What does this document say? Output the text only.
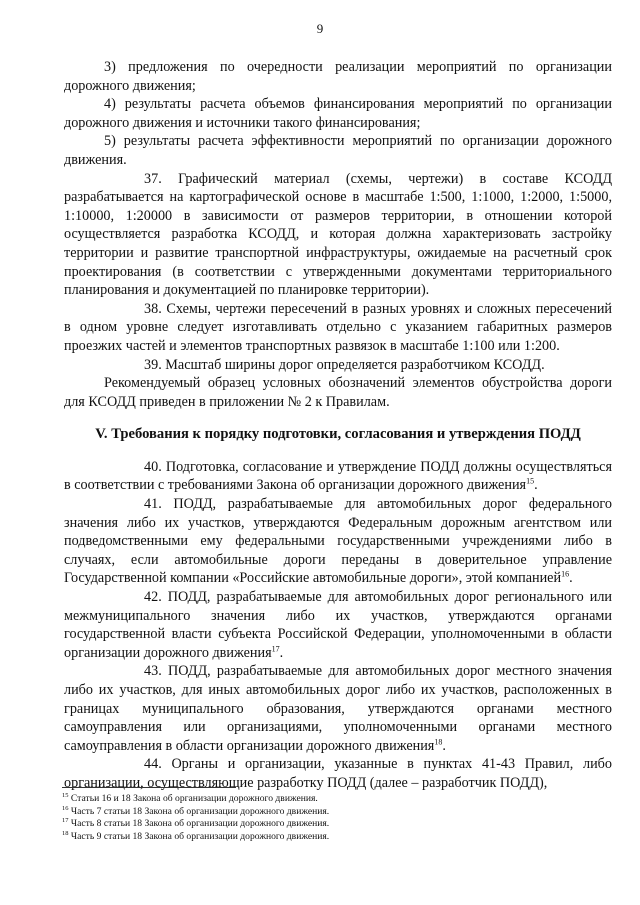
9

3) предложения по очередности реализации мероприятий по организации дорожного движения;

4) результаты расчета объемов финансирования мероприятий по организации дорожного движения и источники такого финансирования;

5) результаты расчета эффективности мероприятий по организации дорожного движения.

37. Графический материал (схемы, чертежи) в составе КСОДД разрабатывается на картографической основе в масштабе 1:500, 1:1000, 1:2000, 1:5000, 1:10000, 1:20000 в зависимости от размеров территории, в отношении которой осуществляется разработка КСОДД, и которая должна характеризовать застройку территории и развитие транспортной инфраструктуры, ожидаемые на расчетный срок проектирования (в соответствии с утвержденными документами территориального планирования и документацией по планировке территории).

38. Схемы, чертежи пересечений в разных уровнях и сложных пересечений в одном уровне следует изготавливать отдельно с указанием габаритных размеров проезжих частей и элементов транспортных развязок в масштабе 1:100 или 1:200.

39. Масштаб ширины дорог определяется разработчиком КСОДД.

Рекомендуемый образец условных обозначений элементов обустройства дороги для КСОДД приведен в приложении № 2 к Правилам.

V. Требования к порядку подготовки, согласования и утверждения ПОДД

40. Подготовка, согласование и утверждение ПОДД должны осуществляться в соответствии с требованиями Закона об организации дорожного движения$^{15}$.

41. ПОДД, разрабатываемые для автомобильных дорог федерального значения либо их участков, утверждаются Федеральным дорожным агентством или подведомственными ему федеральными государственными учреждениями либо в случаях, если автомобильные дороги переданы в доверительное управление Государственной компании «Российские автомобильные дороги», этой компанией$^{16}$.

42. ПОДД, разрабатываемые для автомобильных дорог регионального или межмуниципального значения либо их участков, утверждаются органами государственной власти субъекта Российской Федерации, уполномоченными в области организации дорожного движения$^{17}$.

43. ПОДД, разрабатываемые для автомобильных дорог местного значения либо их участков, для иных автомобильных дорог либо их участков, расположенных в границах муниципального образования, утверждаются органами местного самоуправления или организациями, уполномоченными органами местного самоуправления в области организации дорожного движения$^{18}$.

44. Органы и организации, указанные в пунктах 41-43 Правил, либо организации, осуществляющие разработку ПОДД (далее – разработчик ПОДД),

$^{15}$ Статьи 16 и 18 Закона об организации дорожного движения.
$^{16}$ Часть 7 статьи 18 Закона об организации дорожного движения.
$^{17}$ Часть 8 статьи 18 Закона об организации дорожного движения.
$^{18}$ Часть 9 статьи 18 Закона об организации дорожного движения.
